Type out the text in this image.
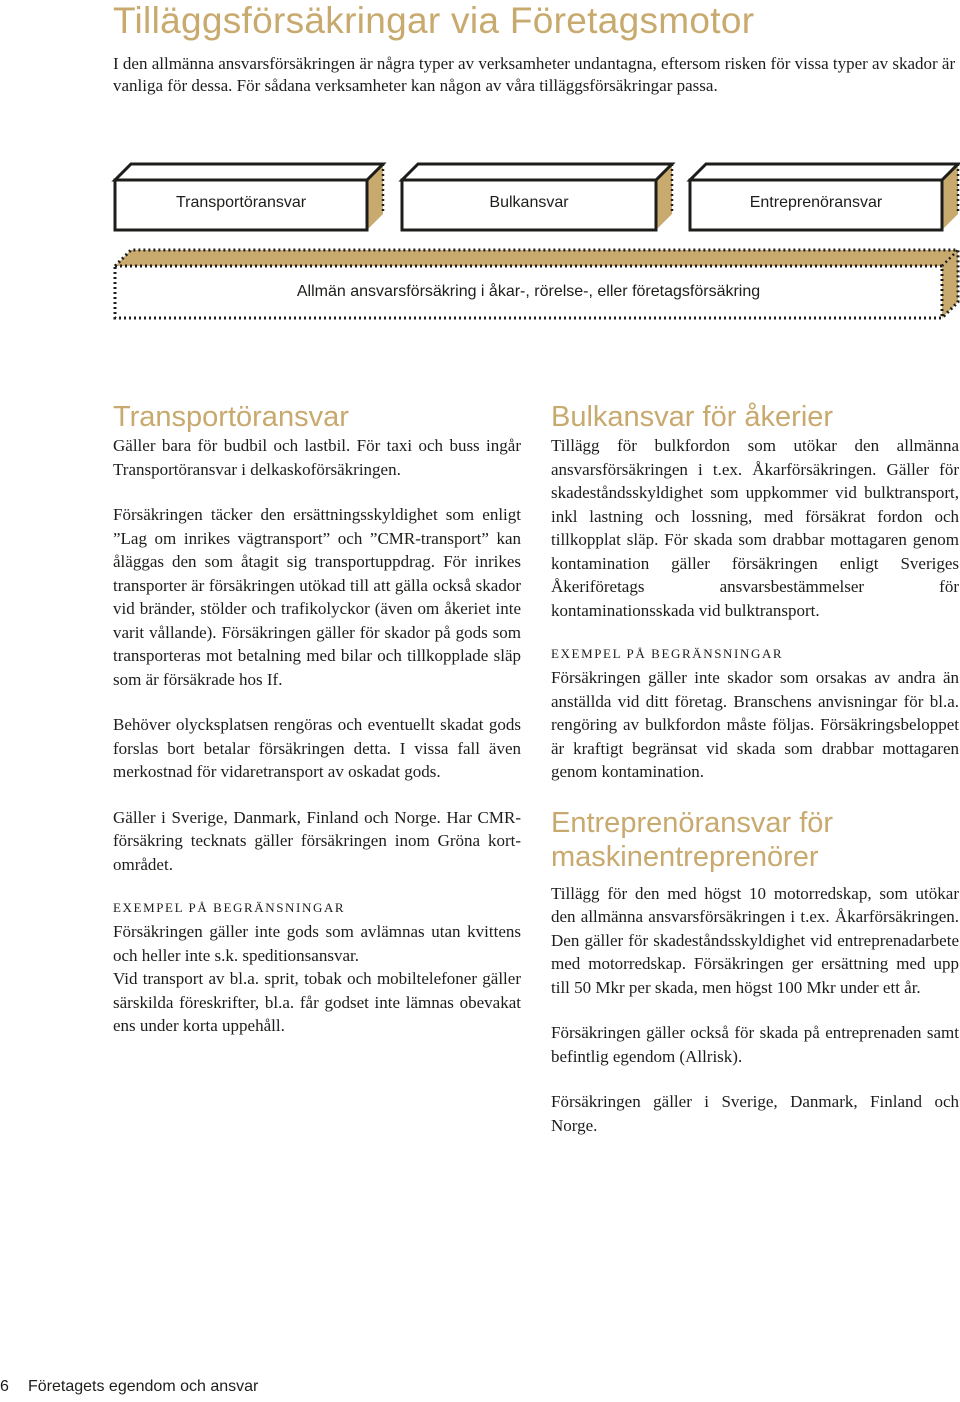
Tilläggsförsäkringar via Företagsmotor

I den allmänna ansvarsförsäkringen är några typer av verksamheter undantagna, eftersom risken för vissa typer av skador är vanliga för dessa. För sådana verksamheter kan någon av våra tilläggsförsäkringar passa.

Transportöransvar	Bulkansvar	Entreprenöransvar
Allmän ansvarsförsäkring i åkar-, rörelse-, eller företagsförsäkring
Transportöransvar

Gäller bara för budbil och lastbil. För taxi och buss ingår Transportöransvar i delkaskoförsäkringen.

Försäkringen täcker den ersättningsskyldighet som enligt ”Lag om inrikes vägtransport” och ”CMR-transport” kan åläggas den som åtagit sig transportuppdrag. För inrikes transporter är försäkringen utökad till att gälla också skador vid bränder, stölder och trafikolyckor (även om åkeriet inte varit vållande). Försäkringen gäller för skador på gods som transporteras mot betalning med bilar och tillkopplade släp som är försäkrade hos If.

Behöver olycksplatsen rengöras och eventuellt skadat gods forslas bort betalar försäkringen detta. I vissa fall även merkostnad för vidaretransport av oskadat gods.

Gäller i Sverige, Danmark, Finland och Norge. Har CMR-försäkring tecknats gäller försäkringen inom Gröna kort-området.

EXEMPEL PÅ BEGRÄNSNINGAR

Försäkringen gäller inte gods som avlämnas utan kvittens och heller inte s.k. speditionsansvar.

Vid transport av bl.a. sprit, tobak och mobiltelefoner gäller särskilda föreskrifter, bl.a. får godset inte lämnas obevakat ens under korta uppehåll.

Bulkansvar för åkerier

Tillägg för bulkfordon som utökar den allmänna ansvarsförsäkringen i t.ex. Åkarförsäkringen. Gäller för skadeståndsskyldighet som uppkommer vid bulktransport, inkl lastning och lossning, med försäkrat fordon och tillkopplat släp. För skada som drabbar mottagaren genom kontamination gäller försäkringen enligt Sveriges Åkeriföretags ansvarsbestämmelser för kontaminationsskada vid bulktransport.

EXEMPEL PÅ BEGRÄNSNINGAR

Försäkringen gäller inte skador som orsakas av andra än anställda vid ditt företag. Branschens anvisningar för bl.a. rengöring av bulkfordon måste följas. Försäkringsbeloppet är kraftigt begränsat vid skada som drabbar mottagaren genom kontamination.

Entreprenöransvar för maskinentreprenörer

Tillägg för den med högst 10 motorredskap, som utökar den allmänna ansvarsförsäkringen i t.ex. Åkarförsäkringen. Den gäller för skadeståndsskyldighet vid entreprenadarbete med motorredskap. Försäkringen ger ersättning med upp till 50 Mkr per skada, men högst 100 Mkr under ett år.

Försäkringen gäller också för skada på entreprenaden samt befintlig egendom (Allrisk).

Försäkringen gäller i Sverige, Danmark, Finland och Norge.

6 Företagets egendom och ansvar
